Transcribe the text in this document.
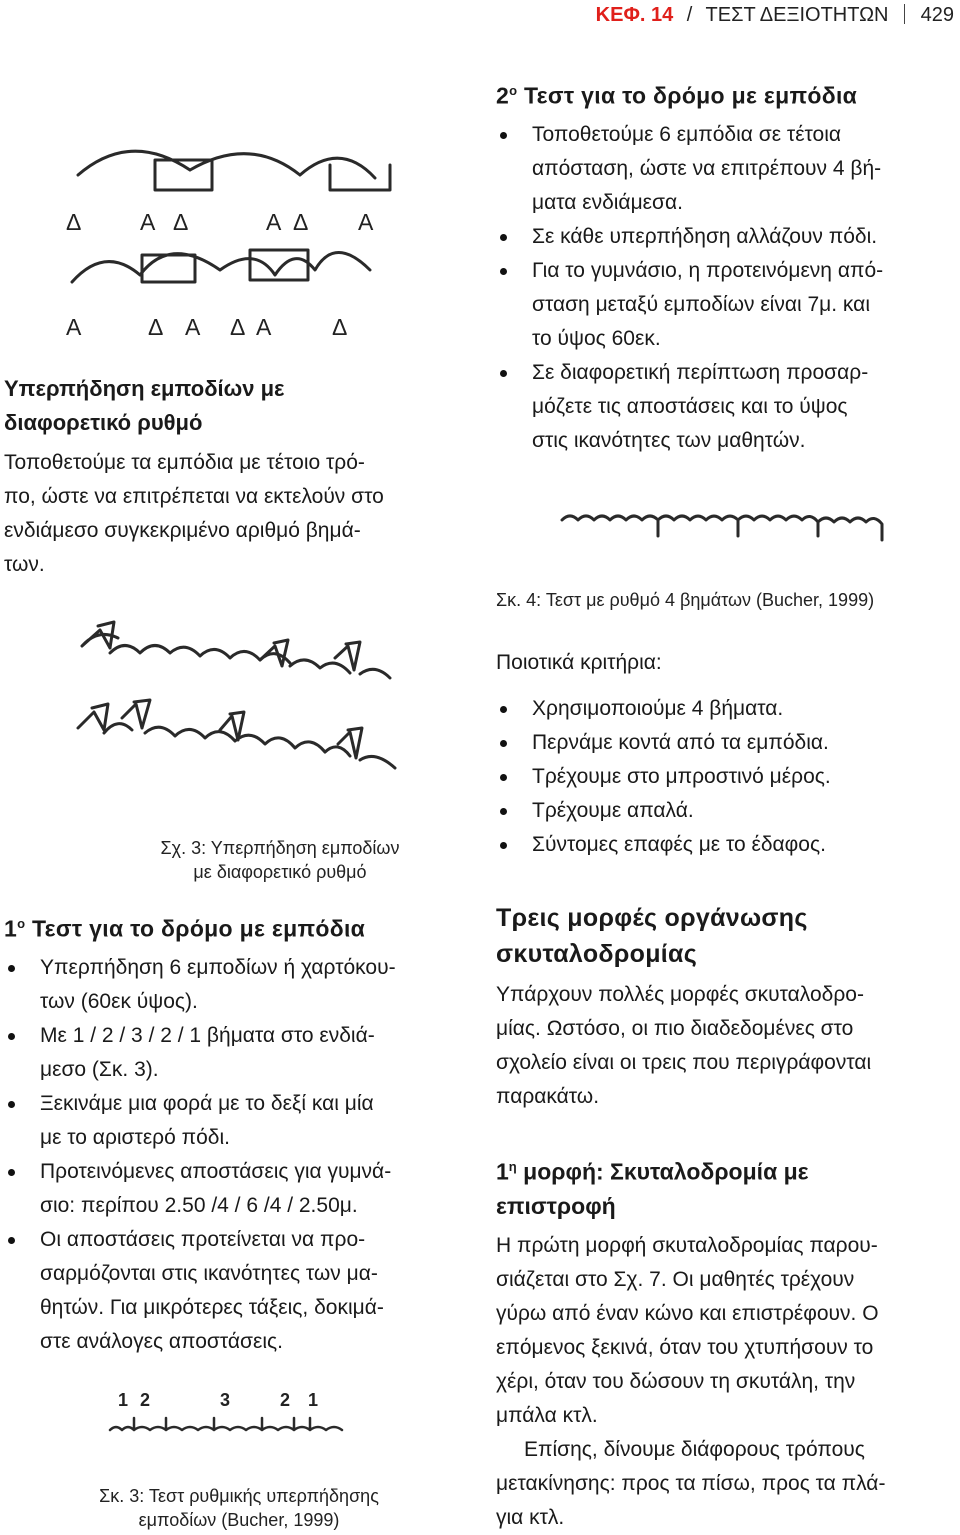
ΚΕΦ. 14 / ΤΕΣΤ ΔΕΞΙΟΤΗΤΩΝ 429
Δ	Α Δ	Α Δ Α
Α	Δ Α Δ Α	Δ

Υπερπήδηση εμποδίων με

διαφορετικό ρυθμό

Τοποθετούμε τα εμπόδια με τέτοιο τρό-

πο, ώστε να επιτρέπεται να εκτελούν στο

ενδιάμεσο συγκεκριμένο αριθμό βημά-

των.

Σχ. 3: Υπερπήδηση εμποδίων
με διαφορετικό ρυθμό

$1^o$ Τεστ για το δρόμο με εμπόδια

Υπερπήδηση 6 εμποδίων ή χαρτόκου-
των (60εκ ύψος).
Με 1 / 2 / 3 / 2 / 1 βήματα στο ενδιά-
μεσο (Σκ. 3).
Ξεκινάμε μια φορά με το δεξί και μία
με το αριστερό πόδι.
Προτεινόμενες αποστάσεις για γυμνά-
σιο: περίπου 2.50 /4 / 6 /4 / 2.50μ.
Οι αποστάσεις προτείνεται να προ-
σαρμόζονται στις ικανότητες των μα-
θητών. Για μικρότερες τάξεις, δοκιμά-
στε ανάλογες αποστάσεις.
1 2	3	2 1
Σκ. 3: Τεστ ρυθμικής υπερπήδησης
εμποδίων (Bucher, 1999)

$2^o$ Τεστ για το δρόμο με εμπόδια

Τοποθετούμε 6 εμπόδια σε τέτοια
απόσταση, ώστε να επιτρέπουν 4 βή-
ματα ενδιάμεσα.
Σε κάθε υπερπήδηση αλλάζουν πόδι.
Για το γυμνάσιο, η προτεινόμενη από-
σταση μεταξύ εμποδίων είναι 7μ. και
το ύψος 60εκ.
Σε διαφορετική περίπτωση προσαρ-
μόζετε τις αποστάσεις και το ύψος
στις ικανότητες των μαθητών.
Σκ. 4: Τεστ με ρυθμό 4 βημάτων (Bucher, 1999)

Ποιοτικά κριτήρια:

Χρησιμοποιούμε 4 βήματα.
Περνάμε κοντά από τα εμπόδια.
Τρέχουμε στο μπροστινό μέρος.
Τρέχουμε απαλά.
Σύντομες επαφές με το έδαφος.

Τρεις μορφές οργάνωσης

σκυταλοδρομίας

Υπάρχουν πολλές μορφές σκυταλοδρο-

μίας. Ωστόσο, οι πιο διαδεδομένες στο

σχολείο είναι οι τρεις που περιγράφονται

παρακάτω.

$1^\eta$ μορφή: Σκυταλοδρομία με

επιστροφή

Η πρώτη μορφή σκυταλοδρομίας παρου-

σιάζεται στο Σχ. 7. Οι μαθητές τρέχουν

γύρω από έναν κώνο και επιστρέφουν. Ο

επόμενος ξεκινά, όταν του χτυπήσουν το

χέρι, όταν του δώσουν τη σκυτάλη, την

μπάλα κτλ.

Επίσης, δίνουμε διάφορους τρόπους

μετακίνησης: προς τα πίσω, προς τα πλά-

για κτλ.
